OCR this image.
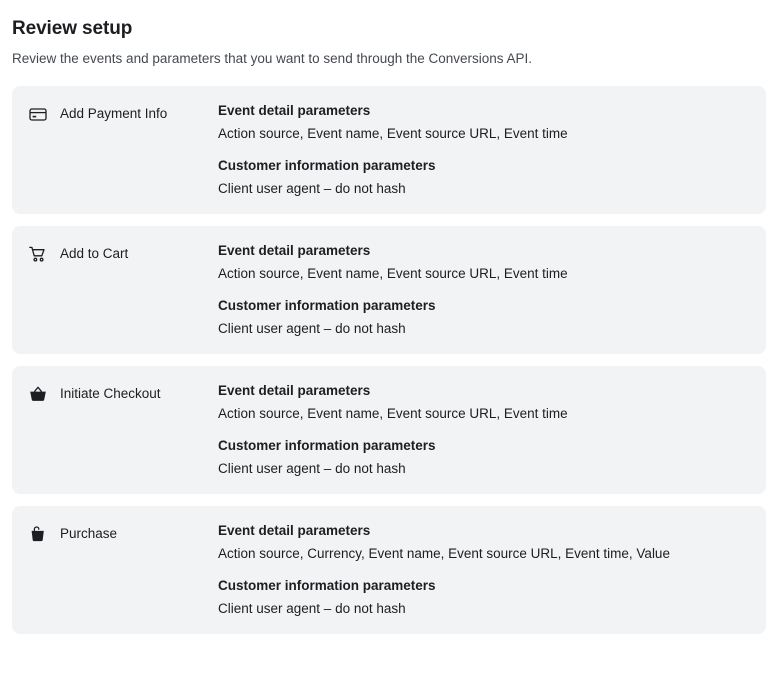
Review setup

Review the events and parameters that you want to send through the Conversions API.

Add Payment Info	Event detail parameters
Action source, Event name, Event source URL, Event time
Customer information parameters
Client user agent – do not hash
Add to Cart	Event detail parameters
Action source, Event name, Event source URL, Event time
Customer information parameters
Client user agent – do not hash
Initiate Checkout	Event detail parameters
Action source, Event name, Event source URL, Event time
Customer information parameters
Client user agent – do not hash
Purchase	Event detail parameters
Action source, Currency, Event name, Event source URL, Event time, Value
Customer information parameters
Client user agent – do not hash
